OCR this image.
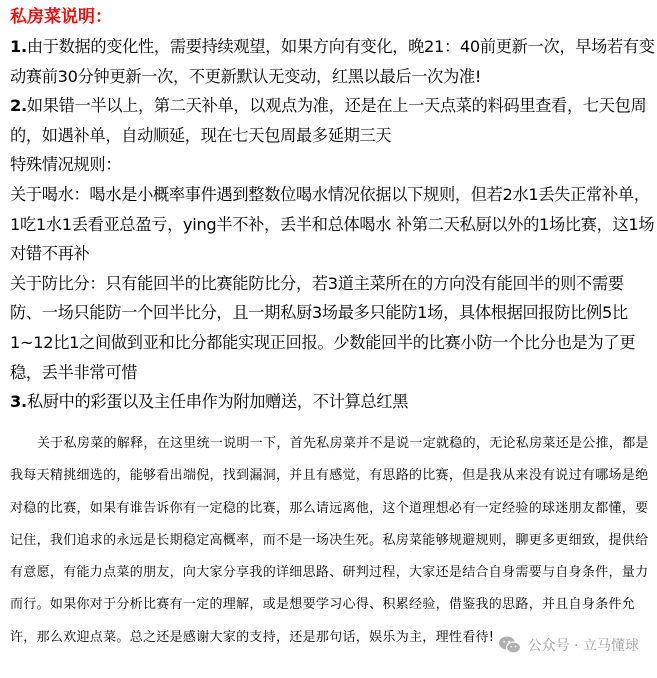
私房菜说明：

1.由于数据的变化性，需要持续观望，如果方向有变化，晚21：40前更新一次，早场若有变动赛前30分钟更新一次，不更新默认无变动，红黑以最后一次为准!

2.如果错一半以上，第二天补单，以观点为准，还是在上一天点菜的料码里查看，七天包周的，如遇补单，自动顺延，现在七天包周最多延期三天

特殊情况规则：

关于喝水：喝水是小概率事件遇到整数位喝水情况依据以下规则，但若2水1丢失正常补单，1吃1水1丢看亚总盈亏，ying半不补，丢半和总体喝水 补第二天私厨以外的1场比赛，这1场对错不再补

关于防比分：只有能回半的比赛能防比分，若3道主菜所在的方向没有能回半的则不需要防、一场只能防一个回半比分，且一期私厨3场最多只能防1场，具体根据回报防比例5比1~12比1之间做到亚和比分都能实现正回报。少数能回半的比赛小防一个比分也是为了更稳，丢半非常可惜

3.私厨中的彩蛋以及主任串作为附加赠送，不计算总红黑

关于私房菜的解释，在这里统一说明一下，首先私房菜并不是说一定就稳的，无论私房菜还是公推，都是我每天精挑细选的，能够看出端倪，找到漏洞，并且有感觉，有思路的比赛，但是我从来没有说过有哪场是绝对稳的比赛，如果有谁告诉你有一定稳的比赛，那么请远离他，这个道理想必有一定经验的球迷朋友都懂，要记住，我们追求的永远是长期稳定高概率，而不是一场决生死。私房菜能够规避规则，聊更多更细致，提供给有意愿，有能力点菜的朋友，向大家分享我的详细思路、研判过程，大家还是结合自身需要与自身条件，量力而行。如果你对于分析比赛有一定的理解，或是想要学习心得、积累经验，借鉴我的思路，并且自身条件允许，那么欢迎点菜。总之还是感谢大家的支持，还是那句话，娱乐为主，理性看待!
公众号 · 立马懂球
